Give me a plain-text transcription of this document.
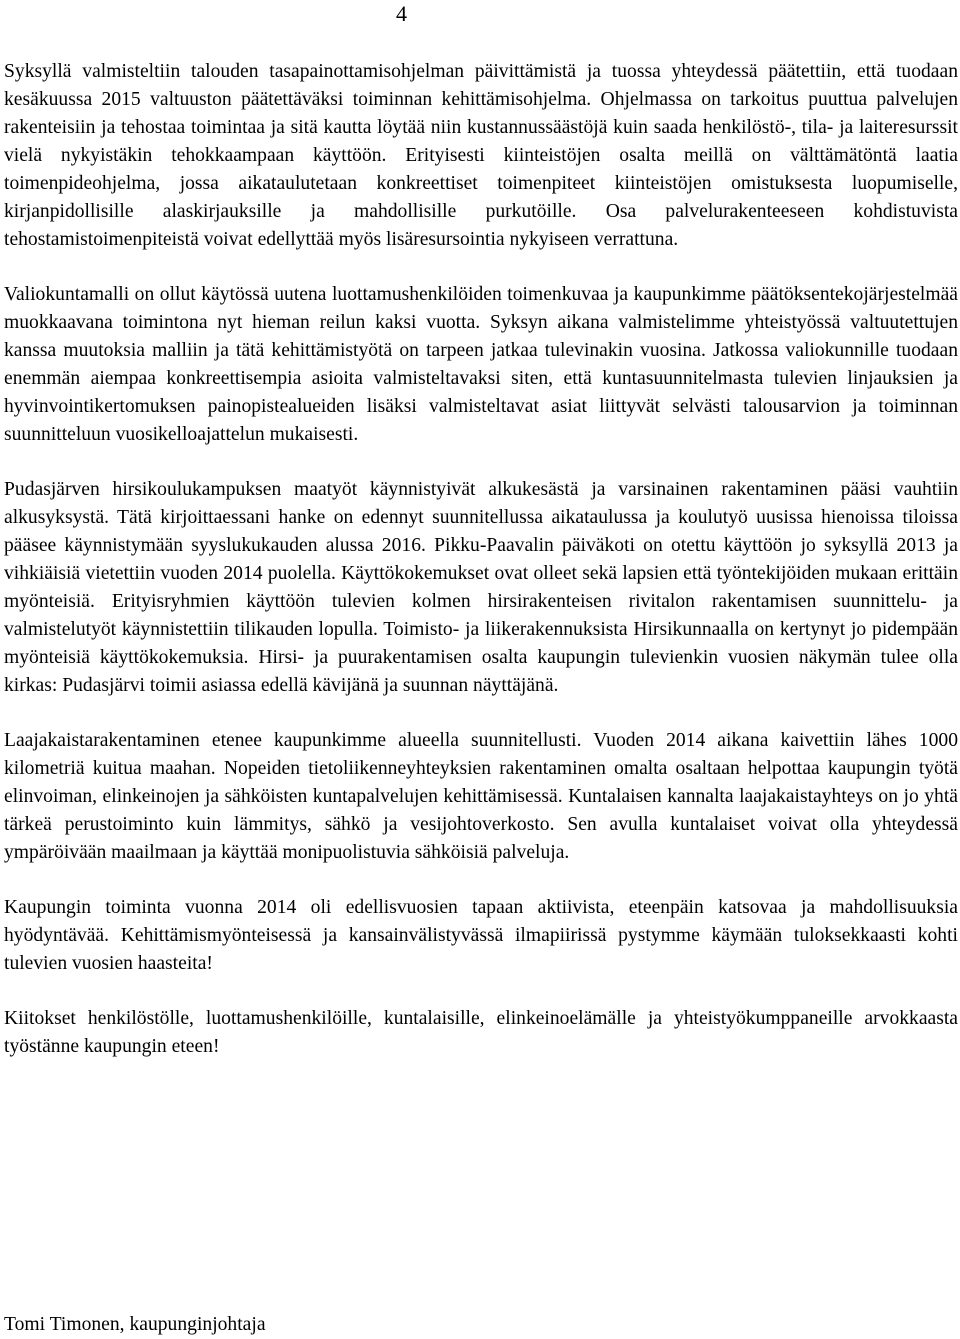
4

Syksyllä valmisteltiin talouden tasapainottamisohjelman päivittämistä ja tuossa yhteydessä päätettiin, että tuodaan kesäkuussa 2015 valtuuston päätettäväksi toiminnan kehittämisohjelma. Ohjelmassa on tarkoitus puuttua palvelujen rakenteisiin ja tehostaa toimintaa ja sitä kautta löytää niin kustannussäästöjä kuin saada henkilöstö-, tila- ja laiteresurssit vielä nykyistäkin tehokkaampaan käyttöön. Erityisesti kiinteistöjen osalta meillä on välttämätöntä laatia toimenpideohjelma, jossa aikataulutetaan konkreettiset toimenpiteet kiinteistöjen omistuksesta luopumiselle, kirjanpidollisille alaskirjauksille ja mahdollisille purkutöille. Osa palvelurakenteeseen kohdistuvista tehostamistoimenpiteistä voivat edellyttää myös lisäresursointia nykyiseen verrattuna.

Valiokuntamalli on ollut käytössä uutena luottamushenkilöiden toimenkuvaa ja kaupunkimme päätöksentekojärjestelmää muokkaavana toimintona nyt hieman reilun kaksi vuotta. Syksyn aikana valmistelimme yhteistyössä valtuutettujen kanssa muutoksia malliin ja tätä kehittämistyötä on tarpeen jatkaa tulevinakin vuosina. Jatkossa valiokunnille tuodaan enemmän aiempaa konkreettisempia asioita valmisteltavaksi siten, että kuntasuunnitelmasta tulevien linjauksien ja hyvinvointikertomuksen painopistealueiden lisäksi valmisteltavat asiat liittyvät selvästi talousarvion ja toiminnan suunnitteluun vuosikelloajattelun mukaisesti.

Pudasjärven hirsikoulukampuksen maatyöt käynnistyivät alkukesästä ja varsinainen rakentaminen pääsi vauhtiin alkusyksystä. Tätä kirjoittaessani hanke on edennyt suunnitellussa aikataulussa ja koulutyö uusissa hienoissa tiloissa pääsee käynnistymään syyslukukauden alussa 2016. Pikku-Paavalin päiväkoti on otettu käyttöön jo syksyllä 2013 ja vihkiäisiä vietettiin vuoden 2014 puolella. Käyttökokemukset ovat olleet sekä lapsien että työntekijöiden mukaan erittäin myönteisiä. Erityisryhmien käyttöön tulevien kolmen hirsirakenteisen rivitalon rakentamisen suunnittelu- ja valmistelutyöt käynnistettiin tilikauden lopulla. Toimisto- ja liikerakennuksista Hirsikunnaalla on kertynyt jo pidempään myönteisiä käyttökokemuksia. Hirsi- ja puurakentamisen osalta kaupungin tulevienkin vuosien näkymän tulee olla kirkas: Pudasjärvi toimii asiassa edellä kävijänä ja suunnan näyttäjänä.

Laajakaistarakentaminen etenee kaupunkimme alueella suunnitellusti. Vuoden 2014 aikana kaivettiin lähes 1000 kilometriä kuitua maahan. Nopeiden tietoliikenneyhteyksien rakentaminen omalta osaltaan helpottaa kaupungin työtä elinvoiman, elinkeinojen ja sähköisten kuntapalvelujen kehittämisessä. Kuntalaisen kannalta laajakaistayhteys on jo yhtä tärkeä perustoiminto kuin lämmitys, sähkö ja vesijohtoverkosto. Sen avulla kuntalaiset voivat olla yhteydessä ympäröivään maailmaan ja käyttää monipuolistuvia sähköisiä palveluja.

Kaupungin toiminta vuonna 2014 oli edellisvuosien tapaan aktiivista, eteenpäin katsovaa ja mahdollisuuksia hyödyntävää. Kehittämismyönteisessä ja kansainvälistyvässä ilmapiirissä pystymme käymään tuloksekkaasti kohti tulevien vuosien haasteita!

Kiitokset henkilöstölle, luottamushenkilöille, kuntalaisille, elinkeinoelämälle ja yhteistyökumppaneille arvokkaasta työstänne kaupungin eteen!

Tomi Timonen, kaupunginjohtaja
